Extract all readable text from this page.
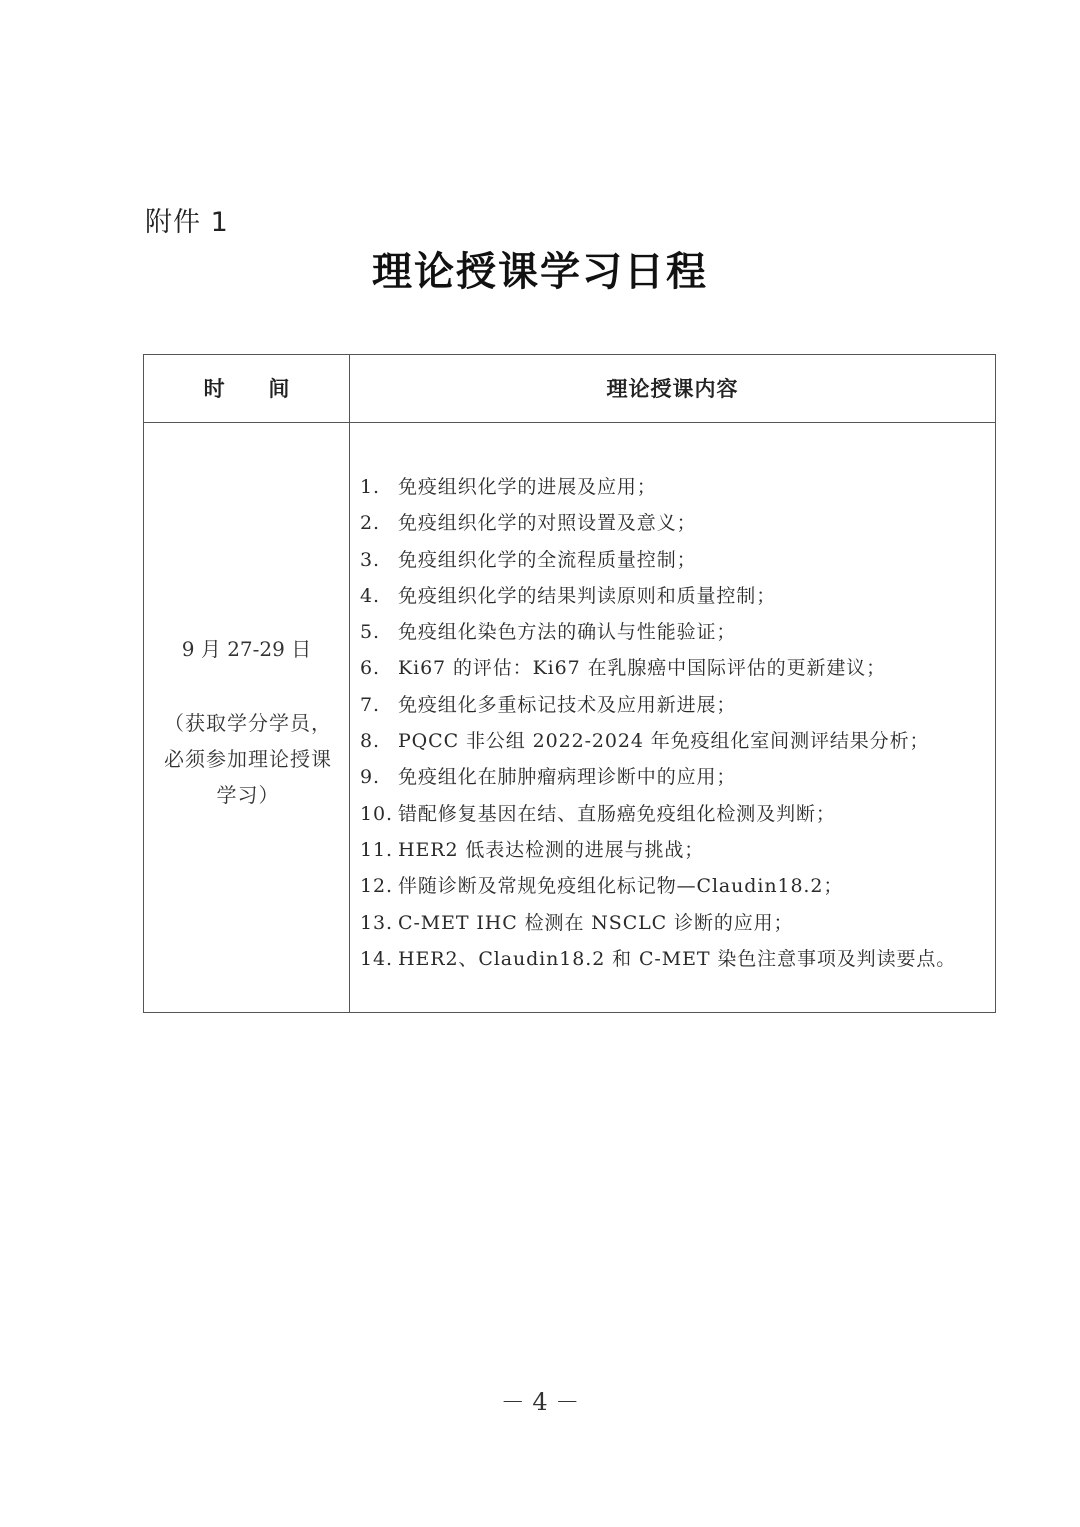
附件 1
理论授课学习日程
时      间	理论授课内容
9 月 27-29 日
（获取学分学员，必须参加理论授课学习）
1. 免疫组织化学的进展及应用；
2. 免疫组织化学的对照设置及意义；
3. 免疫组织化学的全流程质量控制；
4. 免疫组织化学的结果判读原则和质量控制；
5. 免疫组化染色方法的确认与性能验证；
6. Ki67 的评估：Ki67 在乳腺癌中国际评估的更新建议；
7. 免疫组化多重标记技术及应用新进展；
8. PQCC 非公组 2022-2024 年免疫组化室间测评结果分析；
9. 免疫组化在肺肿瘤病理诊断中的应用；
10. 错配修复基因在结、直肠癌免疫组化检测及判断；
11. HER2 低表达检测的进展与挑战；
12. 伴随诊断及常规免疫组化标记物—Claudin18.2；
13. C-MET IHC 检测在 NSCLC 诊断的应用；
14. HER2、Claudin18.2 和 C-MET 染色注意事项及判读要点。
－ 4 －
